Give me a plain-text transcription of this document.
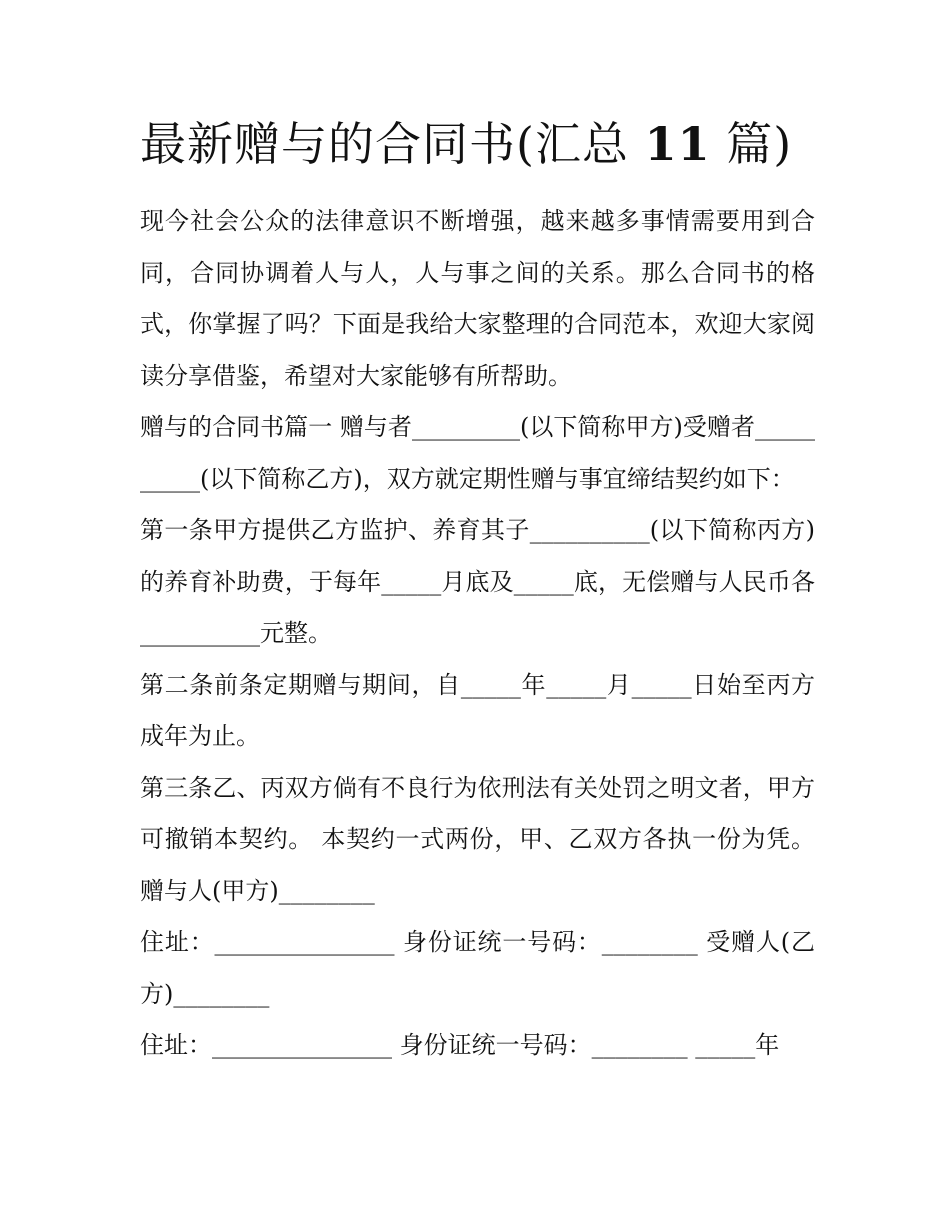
最新赠与的合同书(汇总 11 篇)

现今社会公众的法律意识不断增强，越来越多事情需要用到合同，合同协调着人与人，人与事之间的关系。那么合同书的格式，你掌握了吗？下面是我给大家整理的合同范本，欢迎大家阅读分享借鉴，希望对大家能够有所帮助。

赠与的合同书篇一 赠与者_________(以下简称甲方)受赠者__________(以下简称乙方)，双方就定期性赠与事宜缔结契约如下：

第一条甲方提供乙方监护、养育其子__________(以下简称丙方)的养育补助费，于每年_____月底及_____底，无偿赠与人民币各__________元整。

第二条前条定期赠与期间，自_____年_____月_____日始至丙方成年为止。

第三条乙、丙双方倘有不良行为依刑法有关处罚之明文者，甲方可撤销本契约。 本契约一式两份，甲、乙双方各执一份为凭。 赠与人(甲方)________

住址：_______________ 身份证统一号码：________ 受赠人(乙方)________

住址：_______________ 身份证统一号码：________ _____年
